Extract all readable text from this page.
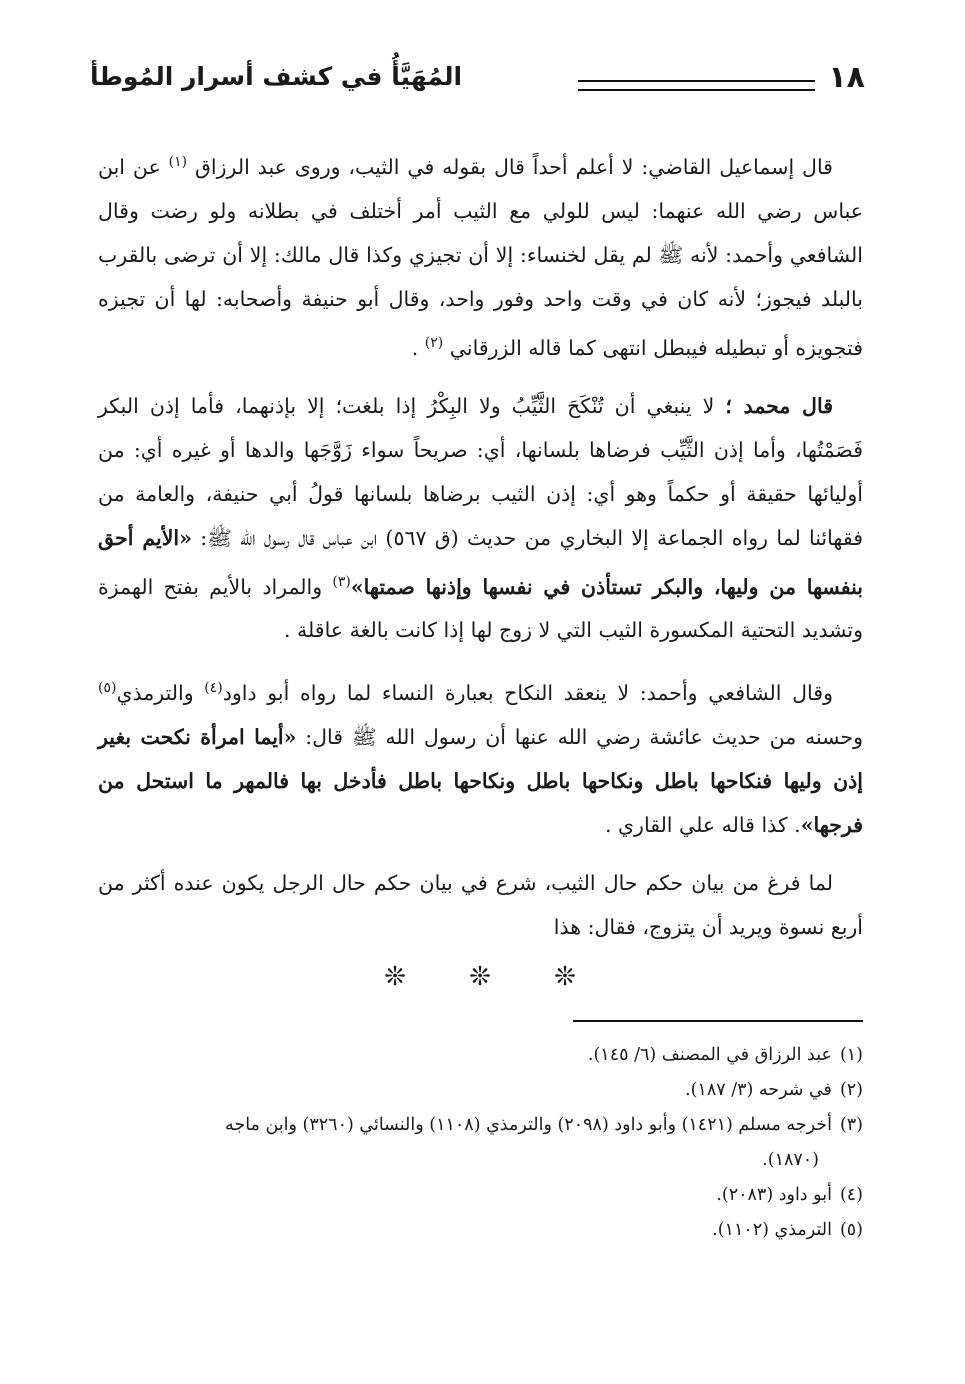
١٨
المُهَيَّأُ في كشف أسرار المُوطأ

قال إسماعيل القاضي: لا أعلم أحداً قال بقوله في الثيب، وروى عبد الرزاق $^{(١)}$ عن ابن عباس رضي الله عنهما: ليس للولي مع الثيب أمر أختلف في بطلانه ولو رضت وقال الشافعي وأحمد: لأنه ﷺ لم يقل لخنساء: إلا أن تجيزي وكذا قال مالك: إلا أن ترضى بالقرب بالبلد فيجوز؛ لأنه كان في وقت واحد وفور واحد، وقال أبو حنيفة وأصحابه: لها أن تجيزه فتجويزه أو تبطيله فيبطل انتهى كما قاله الزرقاني $^{(٢)}$ .

قال محمد ؛ لا ينبغي أن تُنْكَحَ الثَّيِّبُ ولا البِكْرُ إذا بلغت؛ إلا بإذنهما، فأما إذن البكر فَصَمْتُها، وأما إذن الثَّيِّب فرضاها بلسانها، أي: صريحاً سواء زَوَّجَها والدها أو غيره أي: من أوليائها حقيقة أو حكماً وهو أي: إذن الثيب برضاها بلسانها قولُ أبي حنيفة، والعامة من فقهائنا لما رواه الجماعة إلا البخاري من حديث (ق ٥٦٧) ابن عباس قال رسول الله ﷺ: «الأيم أحق بنفسها من وليها، والبكر تستأذن في نفسها وإذنها صمتها»$^{(٣)}$ والمراد بالأيم بفتح الهمزة وتشديد التحتية المكسورة الثيب التي لا زوج لها إذا كانت بالغة عاقلة .

وقال الشافعي وأحمد: لا ينعقد النكاح بعبارة النساء لما رواه أبو داود$^{(٤)}$ والترمذي$^{(٥)}$ وحسنه من حديث عائشة رضي الله عنها أن رسول الله ﷺ قال: «أيما امرأة نكحت بغير إذن وليها فنكاحها باطل ونكاحها باطل ونكاحها باطل فأدخل بها فالمهر ما استحل من فرجها». كذا قاله علي القاري .

لما فرغ من بيان حكم حال الثيب، شرع في بيان حكم حال الرجل يكون عنده أكثر من أربع نسوة ويريد أن يتزوج، فقال: هذا

❊ ❊ ❊
(١)عبد الرزاق في المصنف (٦/ ١٤٥).
(٢)في شرحه (٣/ ١٨٧).
(٣)أخرجه مسلم (١٤٢١) وأبو داود (٢٠٩٨) والترمذي (١١٠٨) والنسائي (٣٢٦٠) وابن ماجه
(١٨٧٠).
(٤)أبو داود (٢٠٨٣).
(٥)الترمذي (١١٠٢).
